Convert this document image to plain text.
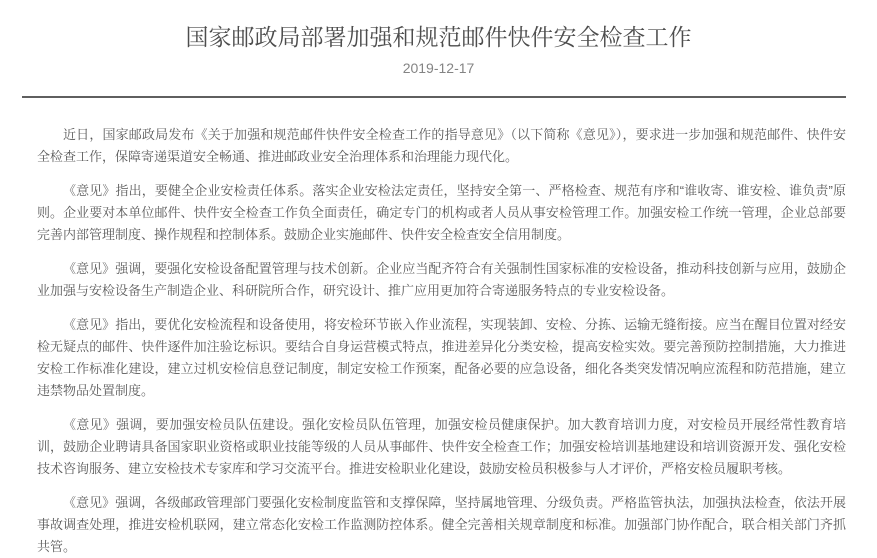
国家邮政局部署加强和规范邮件快件安全检查工作
2019-12-17

近日，国家邮政局发布《关于加强和规范邮件快件安全检查工作的指导意见》（以下简称《意见》），要求进一步加强和规范邮件、快件安全检查工作，保障寄递渠道安全畅通、推进邮政业安全治理体系和治理能力现代化。

《意见》指出，要健全企业安检责任体系。落实企业安检法定责任，坚持安全第一、严格检查、规范有序和“谁收寄、谁安检、谁负责”原则。企业要对本单位邮件、快件安全检查工作负全面责任，确定专门的机构或者人员从事安检管理工作。加强安检工作统一管理，企业总部要完善内部管理制度、操作规程和控制体系。鼓励企业实施邮件、快件安全检查安全信用制度。

《意见》强调，要强化安检设备配置管理与技术创新。企业应当配齐符合有关强制性国家标准的安检设备，推动科技创新与应用，鼓励企业加强与安检设备生产制造企业、科研院所合作，研究设计、推广应用更加符合寄递服务特点的专业安检设备。

《意见》指出，要优化安检流程和设备使用，将安检环节嵌入作业流程，实现装卸、安检、分拣、运输无缝衔接。应当在醒目位置对经安检无疑点的邮件、快件逐件加注验讫标识。要结合自身运营模式特点，推进差异化分类安检，提高安检实效。要完善预防控制措施，大力推进安检工作标准化建设，建立过机安检信息登记制度，制定安检工作预案，配备必要的应急设备，细化各类突发情况响应流程和防范措施，建立违禁物品处置制度。

《意见》强调，要加强安检员队伍建设。强化安检员队伍管理，加强安检员健康保护。加大教育培训力度，对安检员开展经常性教育培训，鼓励企业聘请具备国家职业资格或职业技能等级的人员从事邮件、快件安全检查工作；加强安检培训基地建设和培训资源开发、强化安检技术咨询服务、建立安检技术专家库和学习交流平台。推进安检职业化建设，鼓励安检员积极参与人才评价，严格安检员履职考核。

《意见》强调，各级邮政管理部门要强化安检制度监管和支撑保障，坚持属地管理、分级负责。严格监管执法，加强执法检查，依法开展事故调查处理，推进安检机联网，建立常态化安检工作监测防控体系。健全完善相关规章制度和标准。加强部门协作配合，联合相关部门齐抓共管。
